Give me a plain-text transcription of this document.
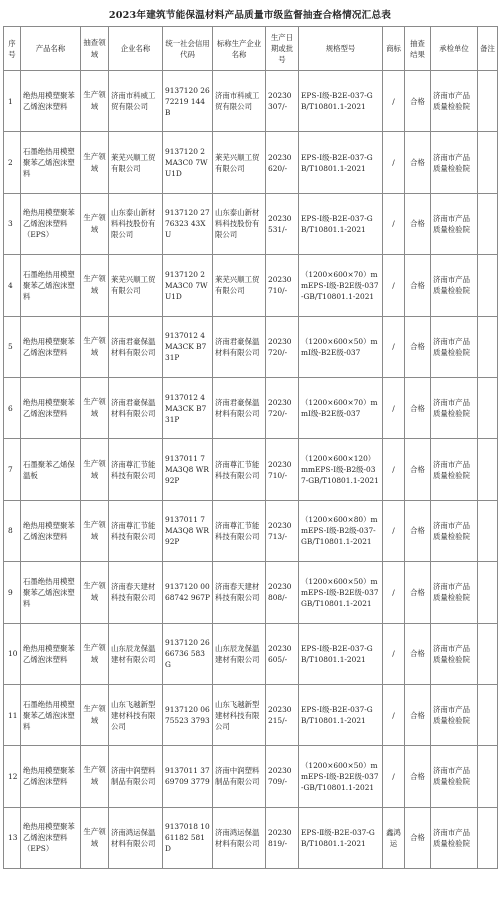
2023年建筑节能保温材料产品质量市级监督抽查合格情况汇总表
序号	产品名称	抽查领域	企业名称	统一社会信用代码	标称生产企业名称	生产日期或批号	规格型号	商标	抽查结果	承检单位	备注
1	绝热用模塑聚苯乙烯泡沫塑料	生产领域	济南市科威工贸有限公司	9137120 2672219 144B	济南市科威工贸有限公司	20230 307/-	EPS-Ⅰ级-B2E-037-GB/T10801.1-2021	/	合格	济南市产品质量检验院	
2	石墨绝热用模塑聚苯乙烯泡沫塑料	生产领域	莱芜兴顺工贸有限公司	9137120 2MA3C0 7WU1D	莱芜兴顺工贸有限公司	20230 620/-	EPS-Ⅰ级-B2E-037-GB/T10801.1-2021	/	合格	济南市产品质量检验院	
3	绝热用模塑聚苯乙烯泡沫塑料（EPS）	生产领域	山东泰山新材料科技股份有限公司	9137120 2776323 43XU	山东泰山新材料科技股份有限公司	20230 531/-	EPS-Ⅰ级-B2E-037-GB/T10801.1-2021	/	合格	济南市产品质量检验院	
4	石墨绝热用模塑聚苯乙烯泡沫塑料	生产领域	莱芜兴顺工贸有限公司	9137120 2MA3C0 7WU1D	莱芜兴顺工贸有限公司	20230 710/-	（1200×600×70）mmEPS-Ⅰ级-B2E级-037-GB/T10801.1-2021	/	合格	济南市产品质量检验院	
5	绝热用模塑聚苯乙烯泡沫塑料	生产领域	济南君豪保温材料有限公司	9137012 4MA3CK B731P	济南君豪保温材料有限公司	20230 720/-	（1200×600×50）mmⅠ级-B2E级-037	/	合格	济南市产品质量检验院	
6	绝热用模塑聚苯乙烯泡沫塑料	生产领域	济南君豪保温材料有限公司	9137012 4MA3CK B731P	济南君豪保温材料有限公司	20230 720/-	（1200×600×70）mmⅠ级-B2E级-037	/	合格	济南市产品质量检验院	
7	石墨聚苯乙烯保温板	生产领域	济南尊汇节能科技有限公司	9137011 7MA3Q8 WR92P	济南尊汇节能科技有限公司	20230 710/-	（1200×600×120）mmEPS-Ⅰ级-B2级-037-GB/T10801.1-2021	/	合格	济南市产品质量检验院	
8	绝热用模塑聚苯乙烯泡沫塑料	生产领域	济南尊汇节能科技有限公司	9137011 7MA3Q8 WR92P	济南尊汇节能科技有限公司	20230 713/-	（1200×600×80）mmEPS-Ⅰ级-B2级-037-GB/T10801.1-2021	/	合格	济南市产品质量检验院	
9	石墨绝热用模塑聚苯乙烯泡沫塑料	生产领域	济南春天建材科技有限公司	9137120 0068742 967P	济南春天建材科技有限公司	20230 808/-	（1200×600×50）mmEPS-Ⅰ级-B2E级-037GB/T10801.1-2021	/	合格	济南市产品质量检验院	
10	绝热用模塑聚苯乙烯泡沫塑料	生产领域	山东辰龙保温建材有限公司	9137120 2666736 583G	山东辰龙保温建材有限公司	20230 605/-	EPS-Ⅰ级-B2E-037-GB/T10801.1-2021	/	合格	济南市产品质量检验院	
11	石墨绝热用模塑聚苯乙烯泡沫塑料	生产领域	山东飞越新型建材科技有限公司	9137120 0675523 3793	山东飞越新型建材科技有限公司	20230 215/-	EPS-Ⅰ级-B2E-037-GB/T10801.1-2021	/	合格	济南市产品质量检验院	
12	绝热用模塑聚苯乙烯泡沫塑料	生产领域	济南中润塑料制品有限公司	9137011 3769709 3779	济南中润塑料制品有限公司	20230 709/-	（1200×600×50）mmEPS-Ⅰ级-B2E级-037-GB/T10801.1-2021	/	合格	济南市产品质量检验院	
13	绝热用模塑聚苯乙烯泡沫塑料（EPS）	生产领域	济南鸿运保温材料有限公司	9137018 1061182 581D	济南鸿运保温材料有限公司	20230 819/-	EPS-Ⅱ级-B2E-037-GB/T10801.1-2021	鑫鸿运	合格	济南市产品质量检验院	
